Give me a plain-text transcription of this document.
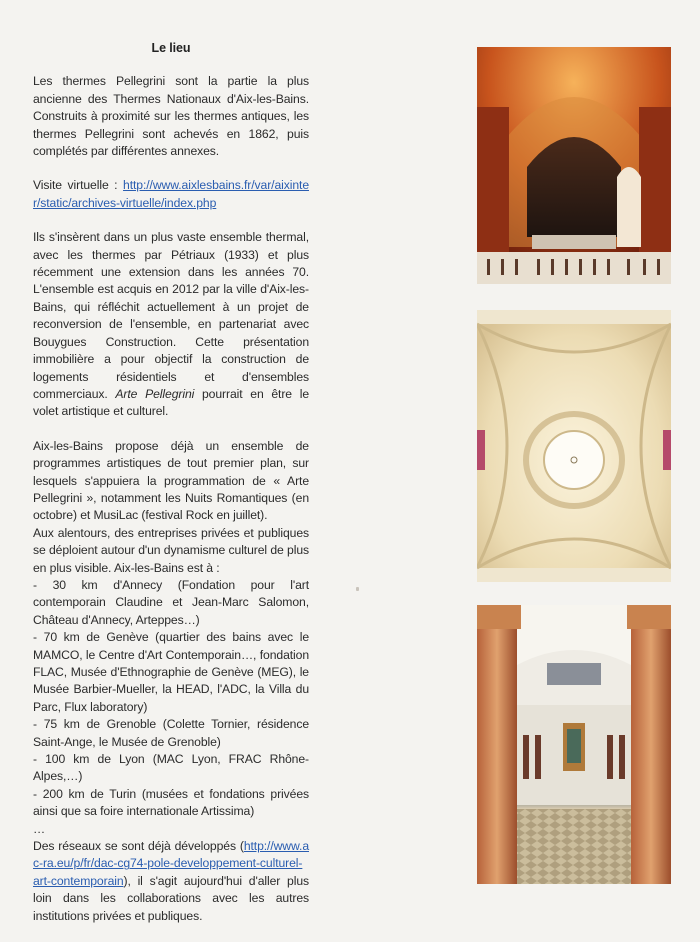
Le lieu

Les thermes Pellegrini sont la partie la plus ancienne des Thermes Nationaux d'Aix-les-Bains. Construits à proximité sur les thermes antiques, les thermes Pellegrini sont achevés en 1862, puis complétés par différentes annexes.

Visite virtuelle : http://www.aixlesbains.fr/var/aixinter/static/archives-virtuelle/index.php

Ils s'insèrent dans un plus vaste ensemble thermal, avec les thermes par Pétriaux (1933) et plus récemment une extension dans les années 70. L'ensemble est acquis en 2012 par la ville d'Aix-les-Bains, qui réfléchit actuellement à un projet de reconversion de l'ensemble, en partenariat avec Bouygues Construction. Cette présentation immobilière a pour objectif la construction de logements résidentiels et d'ensembles commerciaux. Arte Pellegrini pourrait en être le volet artistique et culturel.

Aix-les-Bains propose déjà un ensemble de programmes artistiques de tout premier plan, sur lesquels s'appuiera la programmation de « Arte Pellegrini », notamment les Nuits Romantiques (en octobre) et MusiLac (festival Rock en juillet).

Aux alentours, des entreprises privées et publiques se déploient autour d'un dynamisme culturel de plus en plus visible. Aix-les-Bains est à :

- 30 km d'Annecy (Fondation pour l'art contemporain Claudine et Jean-Marc Salomon, Château d'Annecy, Arteppes…)
- 70 km de Genève (quartier des bains avec le MAMCO, le Centre d'Art Contemporain…, fondation FLAC, Musée d'Ethnographie de Genève (MEG), le Musée Barbier-Mueller, la HEAD, l'ADC, la Villa du Parc, Flux laboratory)
- 75 km de Grenoble (Colette Tornier, résidence Saint-Ange, le Musée de Grenoble)
- 100 km de Lyon (MAC Lyon, FRAC Rhône- Alpes,…)
- 200 km de Turin (musées et fondations privées ainsi que sa foire internationale Artissima)
…

Des réseaux se sont déjà développés (http://www.ac-ra.eu/p/fr/dac-cg74-pole-developpement-culturel-art-contemporain), il s'agit aujourd'hui d'aller plus loin dans les collaborations avec les autres institutions privées et publiques.
